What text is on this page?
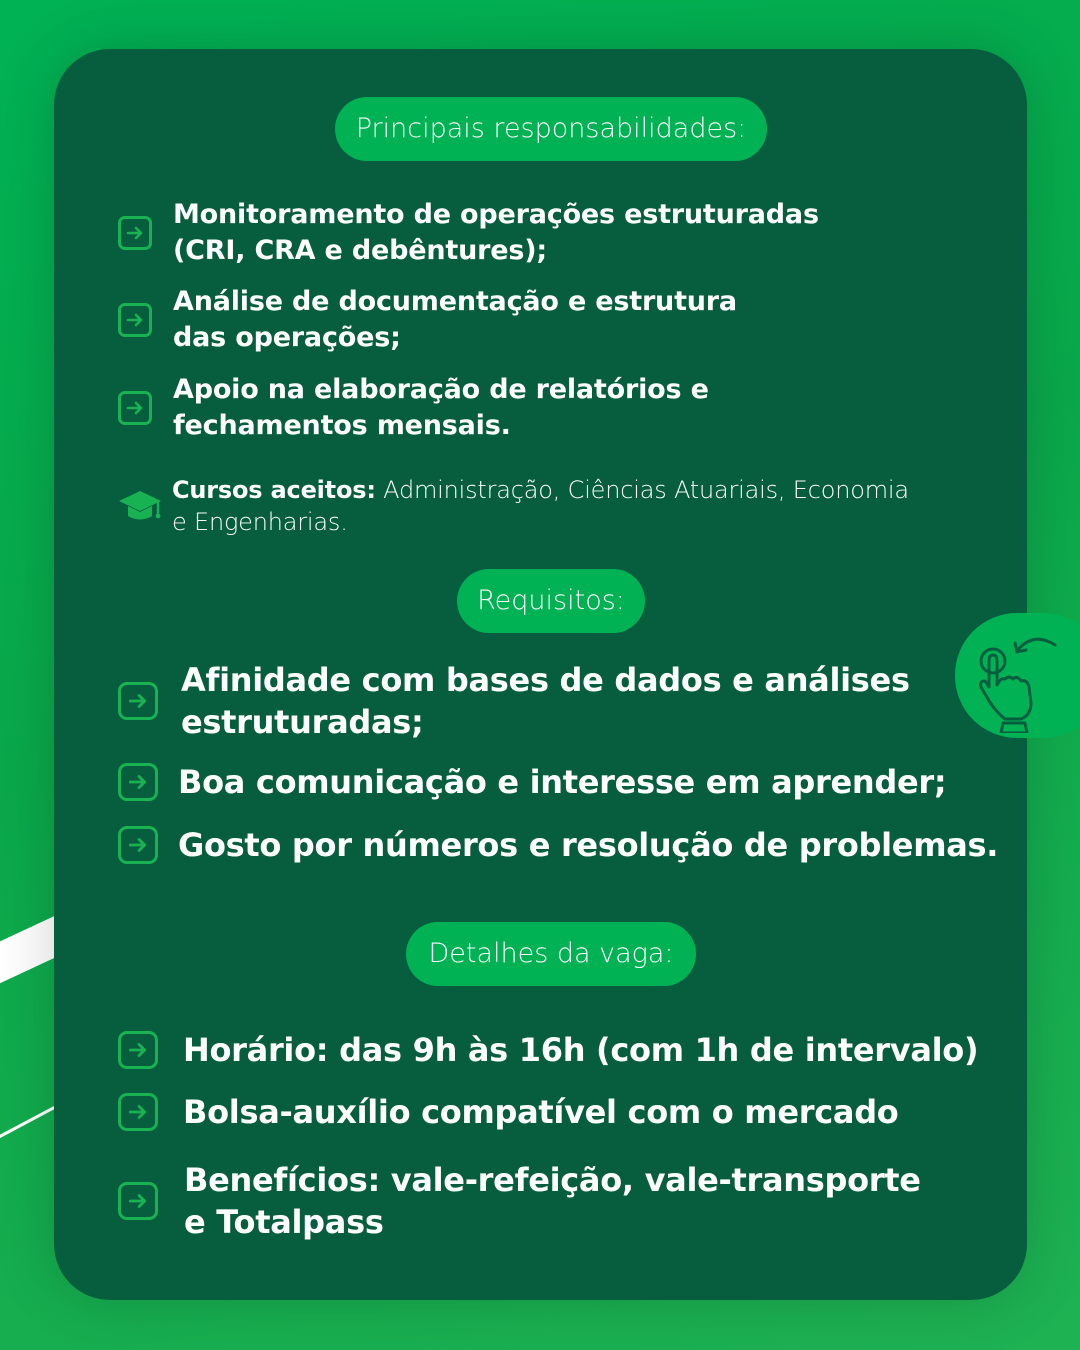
Principais responsabilidades:
Monitoramento de operações estruturadas
(CRI, CRA e debêntures);
Análise de documentação e estrutura
das operações;
Apoio na elaboração de relatórios e
fechamentos mensais.
Cursos aceitos: Administração, Ciências Atuariais, Economia
e Engenharias.
Requisitos:
Afinidade com bases de dados e análises
estruturadas;
Boa comunicação e interesse em aprender;
Gosto por números e resolução de problemas.
Detalhes da vaga:
Horário: das 9h às 16h (com 1h de intervalo)
Bolsa-auxílio compatível com o mercado
Benefícios: vale-refeição, vale-transporte
e Totalpass
